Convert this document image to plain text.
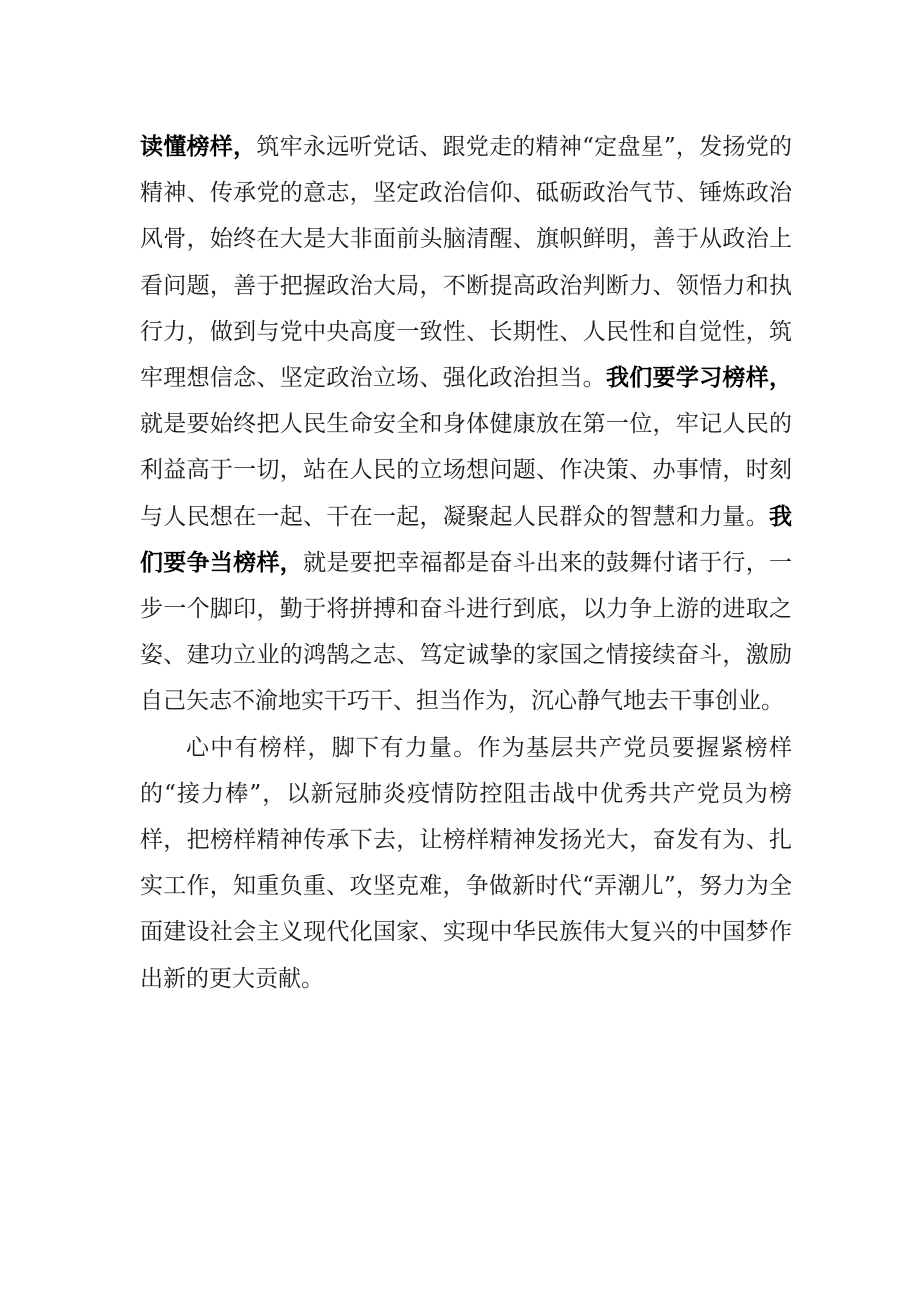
读懂榜样，筑牢永远听党话、跟党走的精神“定盘星”，发扬党的精神、传承党的意志，坚定政治信仰、砥砺政治气节、锤炼政治风骨，始终在大是大非面前头脑清醒、旗帜鲜明，善于从政治上看问题，善于把握政治大局，不断提高政治判断力、领悟力和执行力，做到与党中央高度一致性、长期性、人民性和自觉性，筑牢理想信念、坚定政治立场、强化政治担当。我们要学习榜样，就是要始终把人民生命安全和身体健康放在第一位，牢记人民的利益高于一切，站在人民的立场想问题、作决策、办事情，时刻与人民想在一起、干在一起，凝聚起人民群众的智慧和力量。我们要争当榜样，就是要把幸福都是奋斗出来的鼓舞付诸于行，一步一个脚印，勤于将拼搏和奋斗进行到底，以力争上游的进取之姿、建功立业的鸿鹄之志、笃定诚挚的家国之情接续奋斗，激励自己矢志不渝地实干巧干、担当作为，沉心静气地去干事创业。

心中有榜样，脚下有力量。作为基层共产党员要握紧榜样的“接力棒”，以新冠肺炎疫情防控阻击战中优秀共产党员为榜样，把榜样精神传承下去，让榜样精神发扬光大，奋发有为、扎实工作，知重负重、攻坚克难，争做新时代“弄潮儿”，努力为全面建设社会主义现代化国家、实现中华民族伟大复兴的中国梦作出新的更大贡献。
